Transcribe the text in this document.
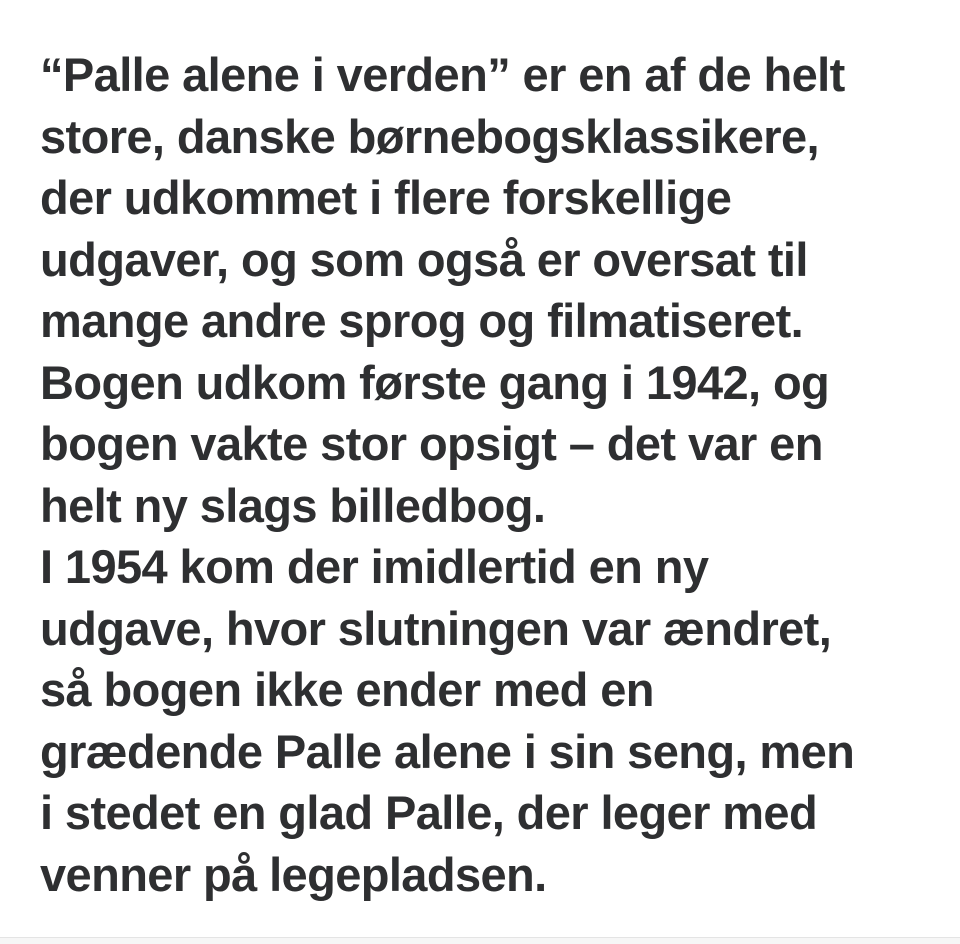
“Palle alene i verden” er en af de helt
store, danske børnebogsklassikere,
der udkommet i flere forskellige
udgaver, og som også er oversat til
mange andre sprog og filmatiseret.
Bogen udkom første gang i 1942, og
bogen vakte stor opsigt – det var en
helt ny slags billedbog.
I 1954 kom der imidlertid en ny
udgave, hvor slutningen var ændret,
så bogen ikke ender med en
grædende Palle alene i sin seng, men
i stedet en glad Palle, der leger med
venner på legepladsen.
